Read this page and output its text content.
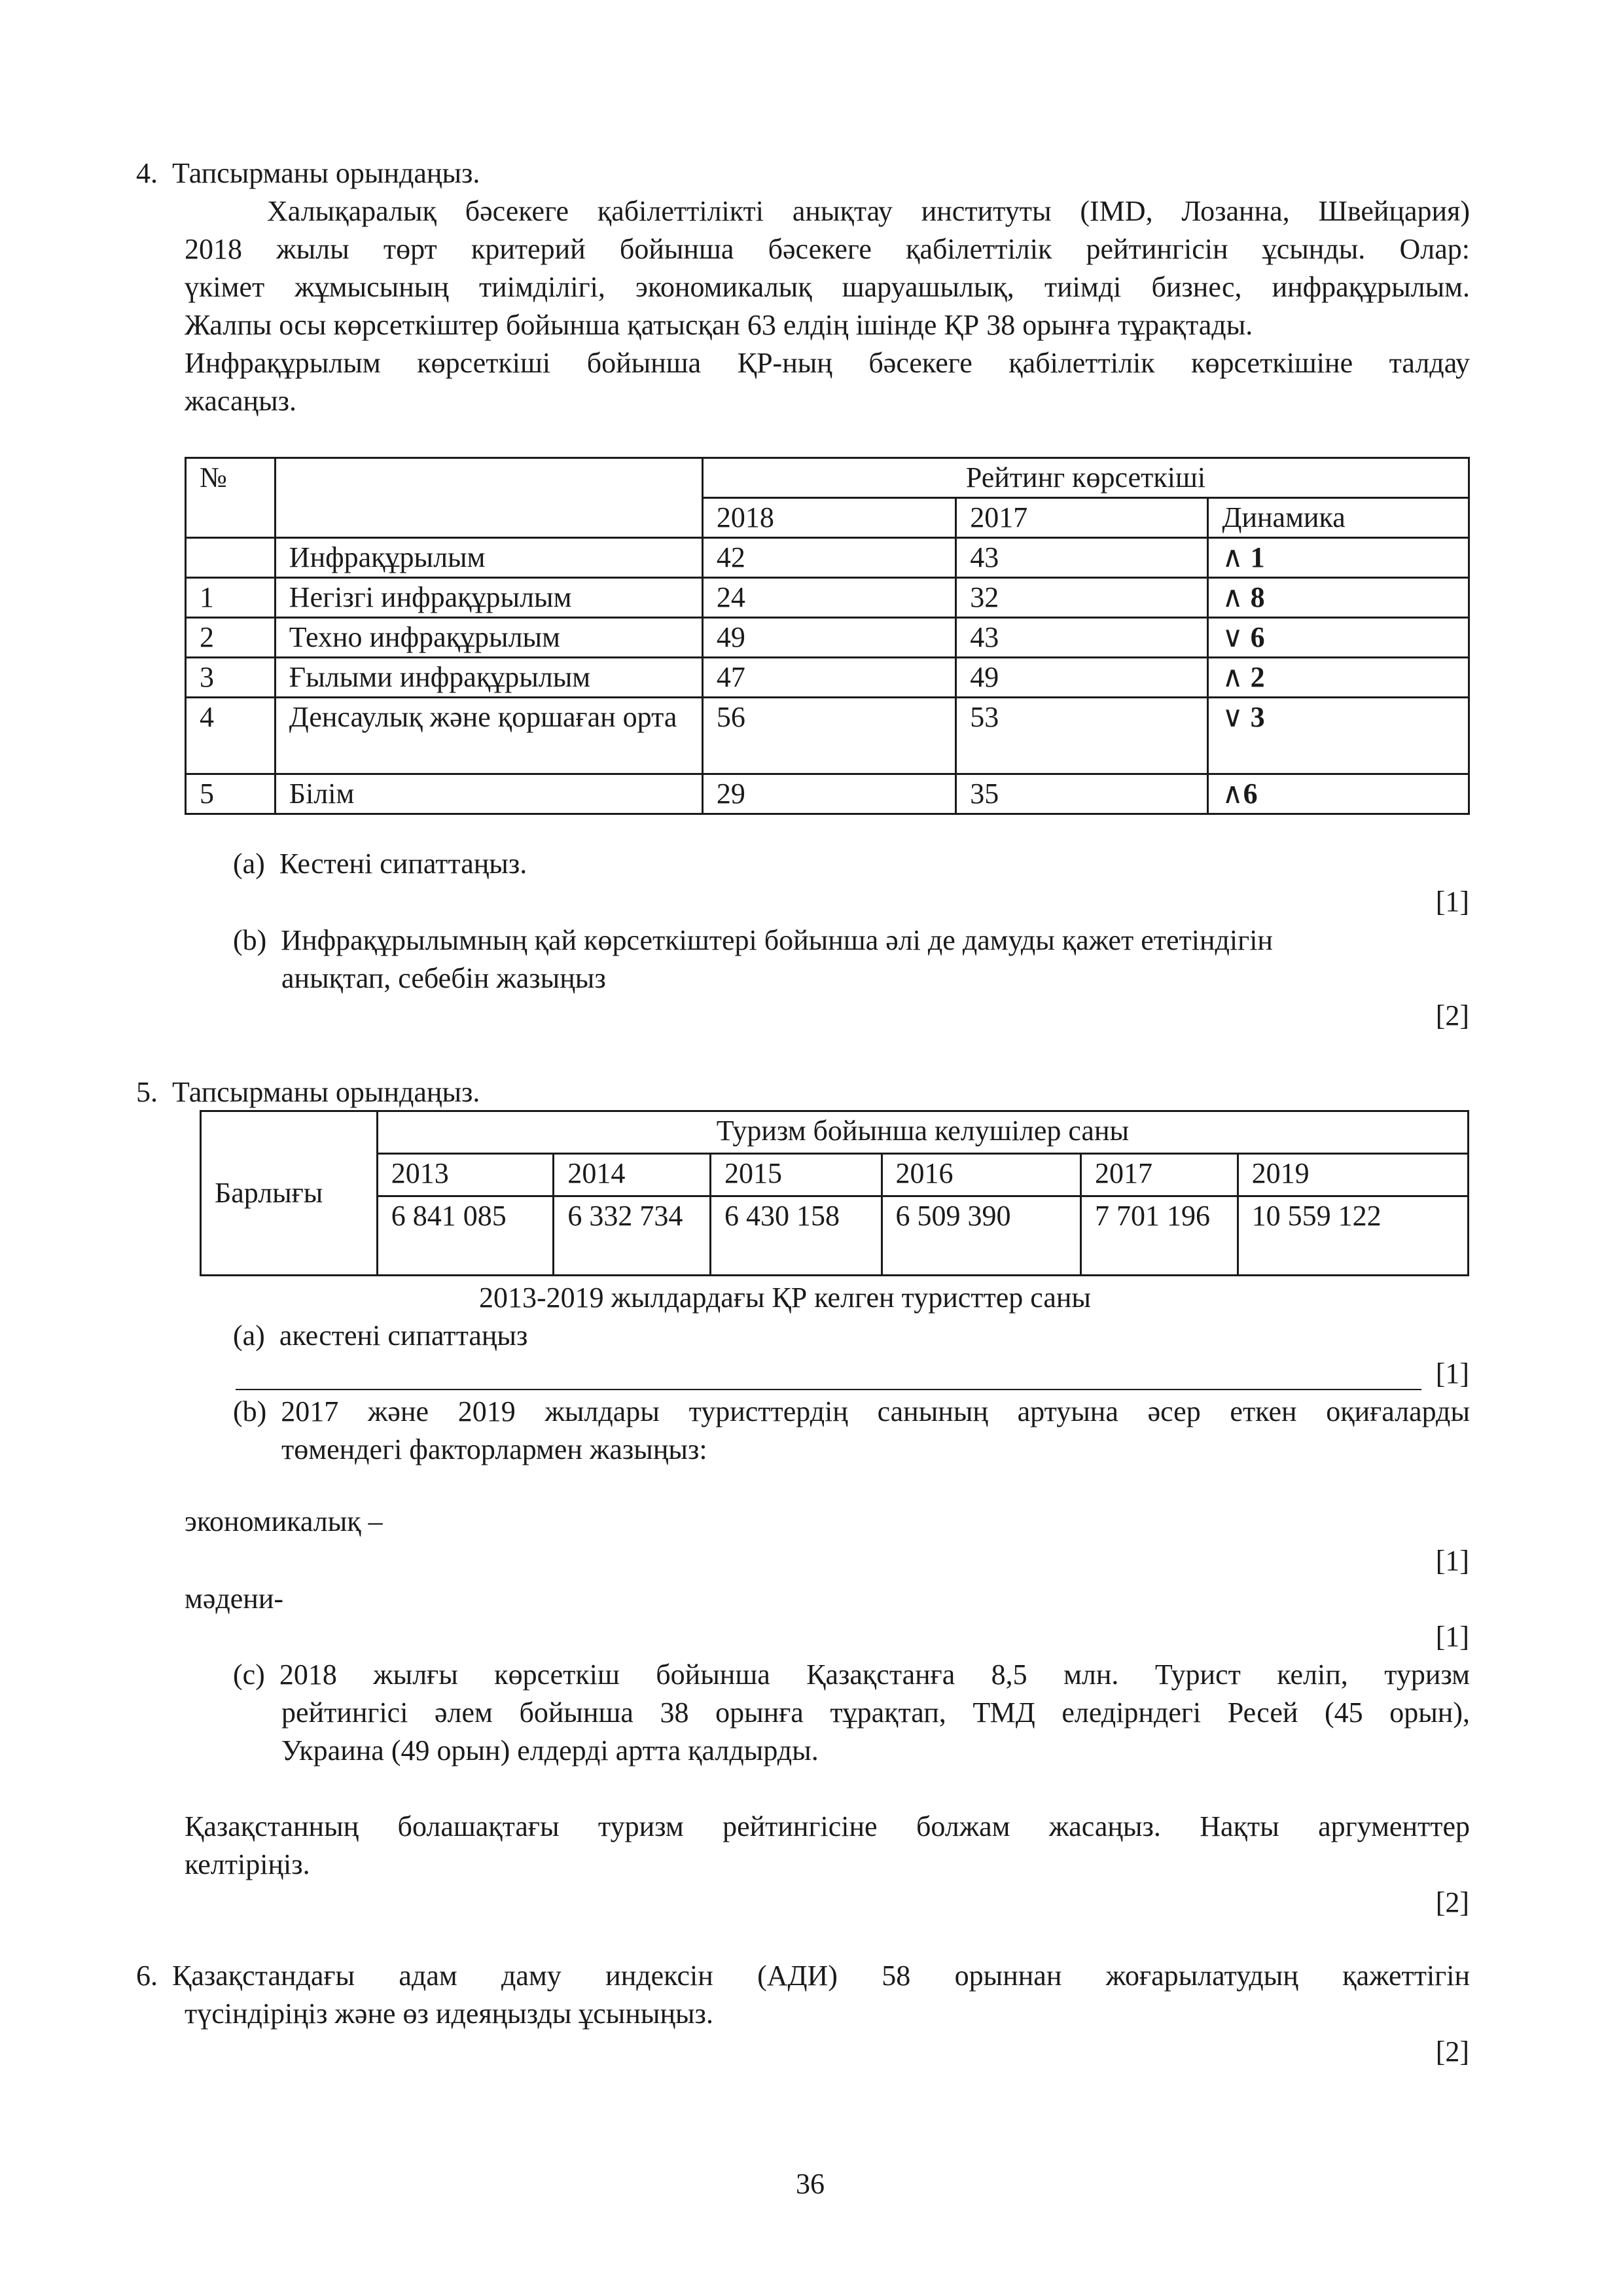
4. Тапсырманы орындаңыз.
Халықаралық бәсекеге қабілеттілікті анықтау институты (IMD, Лозанна, Швейцария)
2018 жылы төрт критерий бойынша бәсекеге қабілеттілік рейтингісін ұсынды. Олар:
үкімет жұмысының тиімділігі, экономикалық шаруашылық, тиімді бизнес, инфрақұрылым.
Жалпы осы көрсеткіштер бойынша қатысқан 63 елдің ішінде ҚР 38 орынға тұрақтады.
Инфрақұрылым көрсеткіші бойынша ҚР-ның бәсекеге қабілеттілік көрсеткішіне талдау
жасаңыз.
№		Рейтинг көрсеткіші		
		2018	2017	Динамика
	Инфрақұрылым	42	43	∧ 1
1	Негізгі инфрақұрылым	24	32	∧ 8
2	Техно инфрақұрылым	49	43	∨ 6
3	Ғылыми инфрақұрылым	47	49	∧ 2
4	Денсаулық және қоршаған орта	56	53	∨ 3
5	Білім	29	35	∧6
(a) Кестені сипаттаңыз.
[1]
(b) Инфрақұрылымның қай көрсеткіштері бойынша әлі де дамуды қажет ететіндігін
анықтап, себебін жазыңыз
[2]
5. Тапсырманы орындаңыз.
Барлығы	Туризм бойынша келушілер саны					
	2013	2014	2015	2016	2017	2019
	6 841 085	6 332 734	6 430 158	6 509 390	7 701 196	10 559 122
2013-2019 жылдардағы ҚР келген туристтер саны
(a) акестені сипаттаңыз
[1]
(b) 2017 және 2019 жылдары туристтердің санының артуына әсер еткен оқиғаларды
төмендегі факторлармен жазыңыз:
экономикалық –
[1]
мәдени-
[1]
(c) 2018 жылғы көрсеткіш бойынша Қазақстанға 8,5 млн. Турист келіп, туризм
рейтингісі әлем бойынша 38 орынға тұрақтап, ТМД еледірндегі Ресей (45 орын),
Украина (49 орын) елдерді артта қалдырды.
Қазақстанның болашақтағы туризм рейтингісіне болжам жасаңыз. Нақты аргументтер
келтіріңіз.
[2]
6. Қазақстандағы адам даму индексін (АДИ) 58 орыннан жоғарылатудың қажеттігін
түсіндіріңіз және өз идеяңызды ұсыныңыз.
[2]
36
